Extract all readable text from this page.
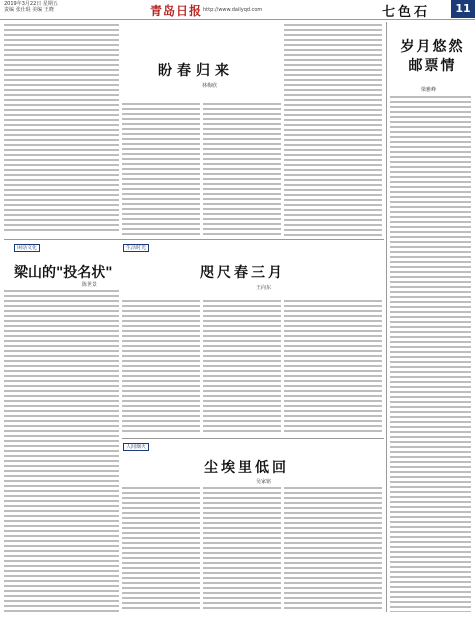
2019年3月22日 星期五
责编 张仕琨 美编 王晓	青岛日报 http://www.dailyqd.com	七色石	11
盼春归来
林梅欣
岁月悠然邮票情
梁雅峰
闲话文化	生活时光
梁山的"投名状"
陈世景
咫尺春三月
王向东
人间烟火
尘埃里低回
吴家铭
